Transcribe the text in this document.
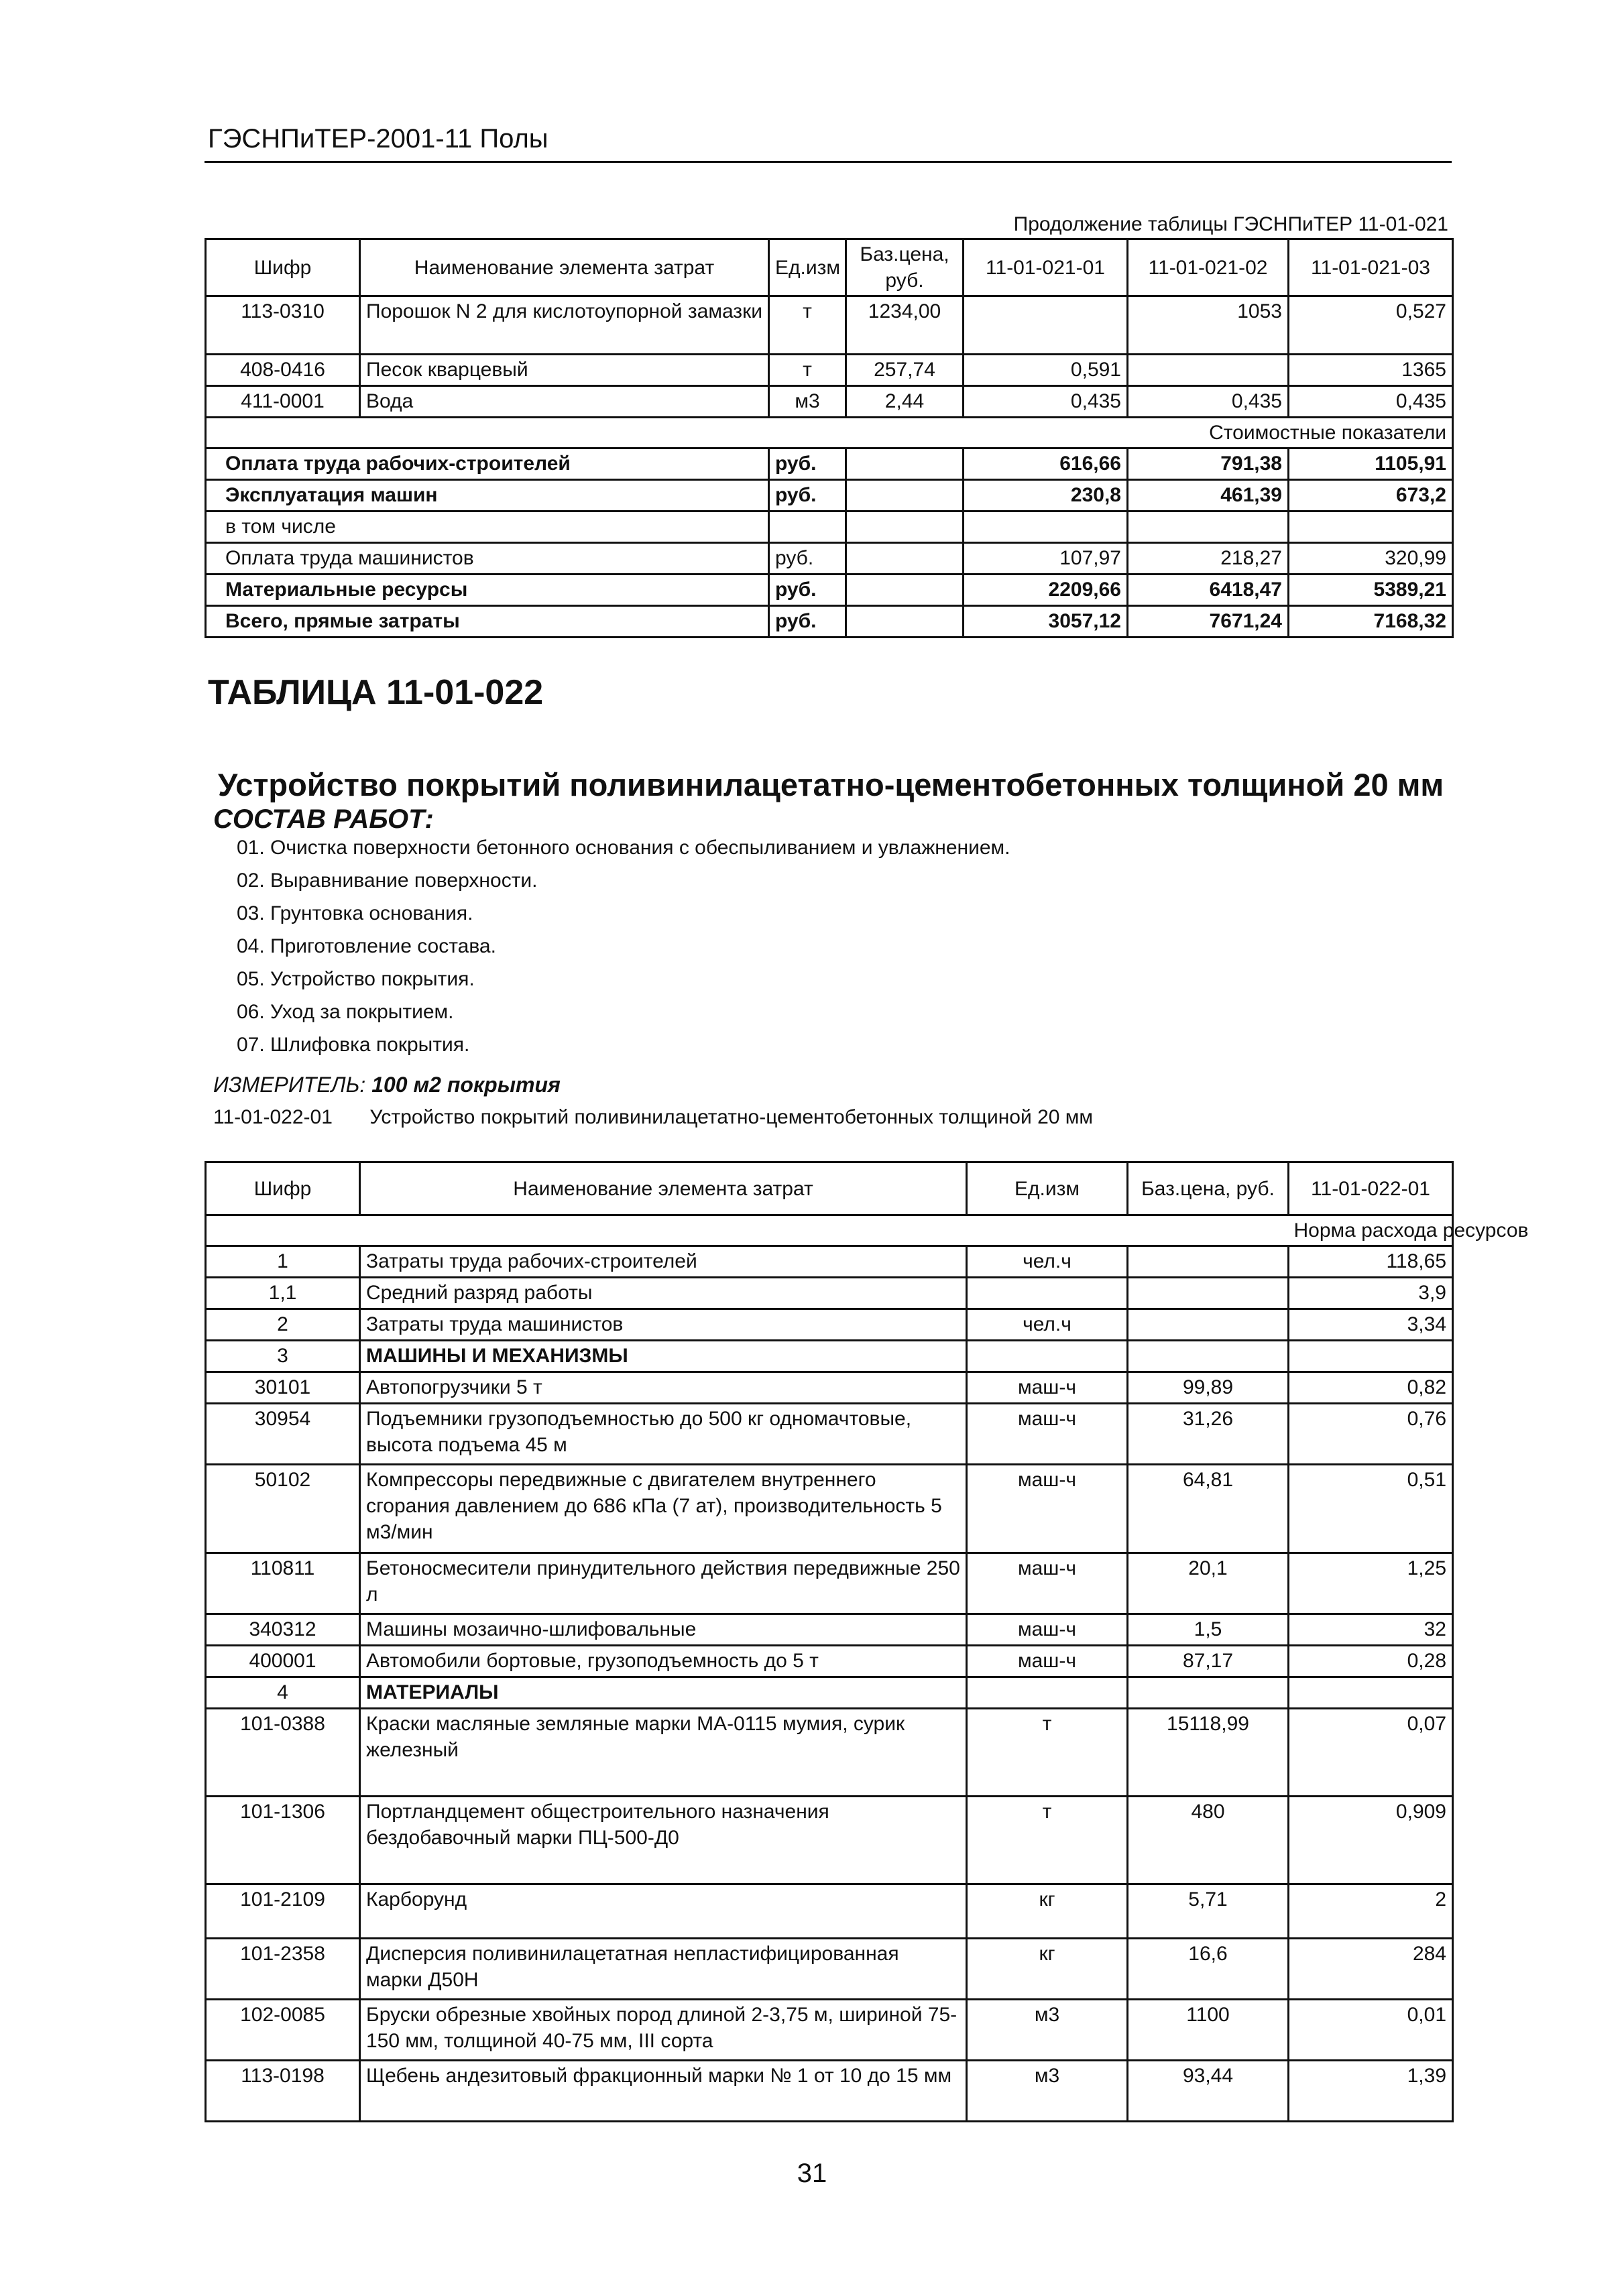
ГЭСНПиТЕР-2001-11 Полы
Продолжение таблицы ГЭСНПиТЕР 11-01-021
Шифр	Наименование элемента затрат	Ед.изм	Баз.цена, руб.	11-01-021-01	11-01-021-02	11-01-021-03
113-0310	Порошок N 2 для кислотоупорной замазки	т	1234,00		1053	0,527
408-0416	Песок кварцевый	т	257,74	0,591		1365
411-0001	Вода	м3	2,44	0,435	0,435	0,435
				Стоимостные показатели		
Оплата труда рабочих-строителей		руб.		616,66	791,38	1105,91
Эксплуатация машин		руб.		230,8	461,39	673,2
в том числе						
Оплата труда машинистов		руб.		107,97	218,27	320,99
Материальные ресурсы		руб.		2209,66	6418,47	5389,21
Всего, прямые затраты		руб.		3057,12	7671,24	7168,32
ТАБЛИЦА 11-01-022
Устройство покрытий поливинилацетатно-цементобетонных толщиной 20 мм
СОСТАВ РАБОТ:
01. Очистка поверхности бетонного основания с обеспыливанием и увлажнением.
02. Выравнивание поверхности.
03. Грунтовка основания.
04. Приготовление состава.
05. Устройство покрытия.
06. Уход за покрытием.
07. Шлифовка покрытия.
ИЗМЕРИТЕЛЬ: 100 м2 покрытия
11-01-022-01 Устройство покрытий поливинилацетатно-цементобетонных толщиной 20 мм
Шифр	Наименование элемента затрат	Ед.изм	Баз.цена, руб.	11-01-022-01
				Норма расхода ресурсов
1	Затраты труда рабочих-строителей	чел.ч		118,65
1,1	Средний разряд работы			3,9
2	Затраты труда машинистов	чел.ч		3,34
3	МАШИНЫ И МЕХАНИЗМЫ			
30101	Автопогрузчики 5 т	маш-ч	99,89	0,82
30954	Подъемники грузоподъемностью до 500 кг одномачтовые, высота подъема 45 м	маш-ч	31,26	0,76
50102	Компрессоры передвижные с двигателем внутреннего сгорания давлением до 686 кПа (7 ат), производительность 5 м3/мин	маш-ч	64,81	0,51
110811	Бетоносмесители принудительного действия передвижные 250 л	маш-ч	20,1	1,25
340312	Машины мозаично-шлифовальные	маш-ч	1,5	32
400001	Автомобили бортовые, грузоподъемность до 5 т	маш-ч	87,17	0,28
4	МАТЕРИАЛЫ			
101-0388	Краски масляные земляные марки МА-0115 мумия, сурик железный	т	15118,99	0,07
101-1306	Портландцемент общестроительного назначения бездобавочный марки ПЦ-500-Д0	т	480	0,909
101-2109	Карборунд	кг	5,71	2
101-2358	Дисперсия поливинилацетатная непластифицированная марки Д50Н	кг	16,6	284
102-0085	Бруски обрезные хвойных пород длиной 2-3,75 м, шириной 75-150 мм, толщиной 40-75 мм, III сорта	м3	1100	0,01
113-0198	Щебень андезитовый фракционный марки № 1 от 10 до 15 мм	м3	93,44	1,39
31
